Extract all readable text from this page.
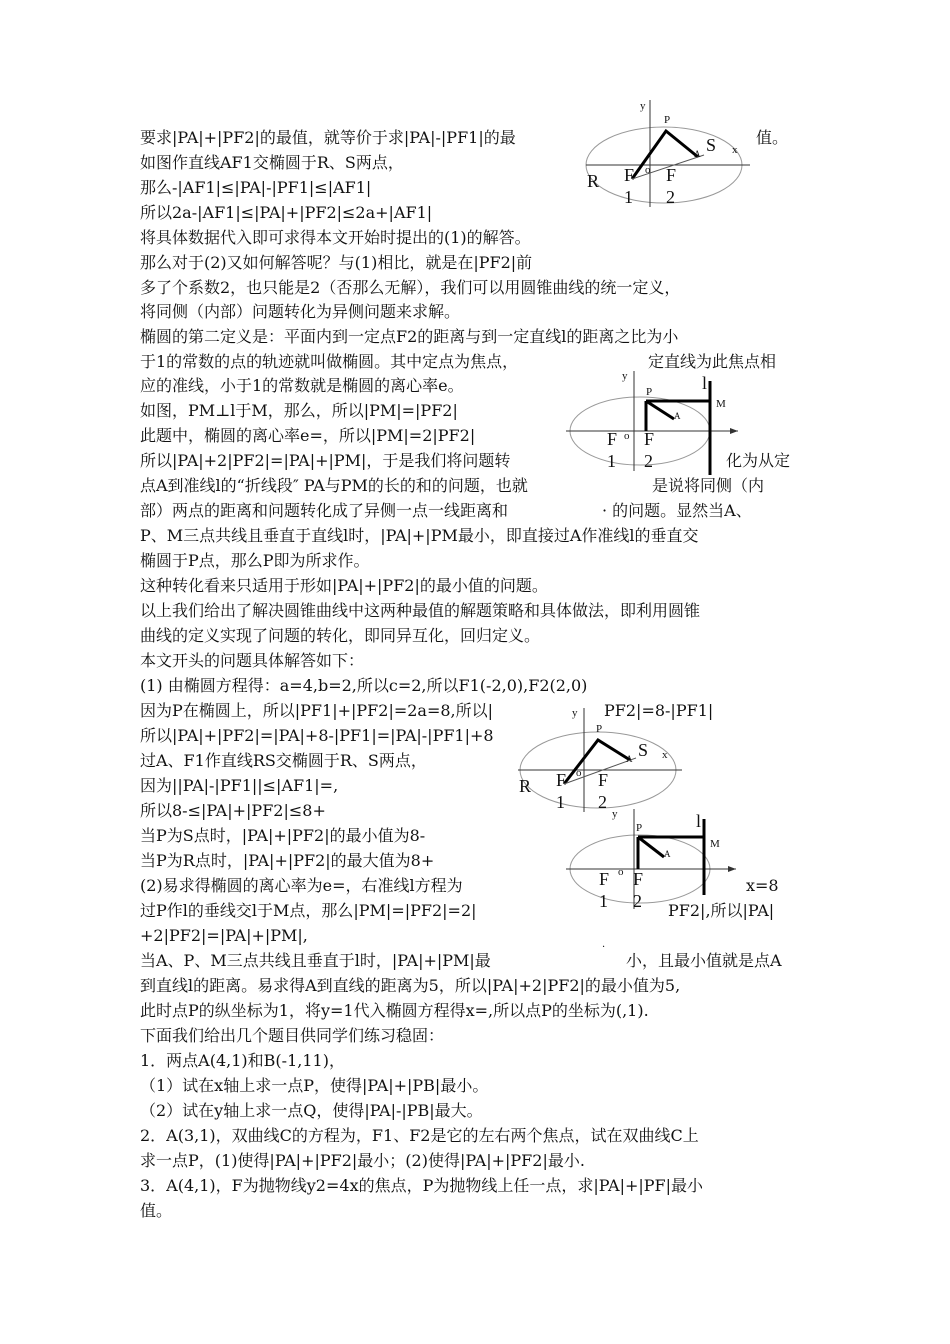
要求|PA|+|PF2|的最值，就等价于求|PA|-|PF1|的最
如图作直线AF1交椭圆于R、S两点，
那么-|AF1|≤|PA|-|PF1|≤|AF1|
所以2a-|AF1|≤|PA|+|PF2|≤2a+|AF1|
将具体数据代入即可求得本文开始时提出的(1)的解答。
那么对于(2)又如何解答呢？与(1)相比，就是在|PF2|前
多了个系数2，也只能是2（否那么无解），我们可以用圆锥曲线的统一定义，
将同侧（内部）问题转化为异侧问题来求解。
椭圆的第二定义是：平面内到一定点F2的距离与到一定直线l的距离之比为小
于1的常数的点的轨迹就叫做椭圆。其中定点为焦点，
应的准线，小于1的常数就是椭圆的离心率e。
如图，PM⊥l于M，那么，所以|PM|=|PF2|
此题中，椭圆的离心率e=，所以|PM|=2|PF2|
所以|PA|+2|PF2|=|PA|+|PM|，于是我们将问题转
点A到准线l的“折线段″ PA与PM的长的和的问题，也就
部）两点的距离和问题转化成了异侧一点一线距离和
P、M三点共线且垂直于直线l时，|PA|+|PM最小，即直接过A作准线l的垂直交
椭圆于P点，那么P即为所求作。
这种转化看来只适用于形如|PA|+|PF2|的最小值的问题。
以上我们给出了解决圆锥曲线中这两种最值的解题策略和具体做法，即利用圆锥
曲线的定义实现了问题的转化，即同异互化，回归定义。
本文开头的问题具体解答如下：
(1) 由椭圆方程得：a=4,b=2,所以c=2,所以F1(-2,0),F2(2,0)
因为P在椭圆上，所以|PF1|+|PF2|=2a=8,所以|
所以|PA|+|PF2|=|PA|+8-|PF1|=|PA|-|PF1|+8
过A、F1作直线RS交椭圆于R、S两点，
因为||PA|-|PF1||≤|AF1|=,
所以8-≤|PA|+|PF2|≤8+
当P为S点时，|PA|+|PF2|的最小值为8-
当P为R点时，|PA|+|PF2|的最大值为8+
(2)易求得椭圆的离心率为e=，右准线l方程为
过P作l的垂线交l于M点，那么|PM|=|PF2|=2|
+2|PF2|=|PA|+|PM|,
当A、P、M三点共线且垂直于l时，|PA|+|PM|最
到直线l的距离。易求得A到直线的距离为5，所以|PA|+2|PF2|的最小值为5,
此时点P的纵坐标为1，将y=1代入椭圆方程得x=,所以点P的坐标为(,1).
下面我们给出几个题目供同学们练习稳固：
1．两点A(4,1)和B(-1,11)，
（1）试在x轴上求一点P，使得|PA|+|PB|最小。
（2）试在y轴上求一点Q，使得|PA|-|PB|最大。
2．A(3,1)，双曲线C的方程为，F1、F2是它的左右两个焦点，试在双曲线C上
求一点P，(1)使得|PA|+|PF2|最小；(2)使得|PA|+|PF2|最小.
3．A(4,1)，F为抛物线y2=4x的焦点，P为抛物线上任一点，求|PA|+|PF|最小
值。
值。
定直线为此焦点相
化为从定
是说将同侧（内
· 的问题。显然当A、
PF2|=8-|PF1|
x=8
PF2|,所以|PA|
小，且最小值就是点A
·
y
P
S x
A
o
R F
1
F
2
y
P	l
M
A
o
F
1
F
2
y
P
S x
A
o
R F
1
F
2
y
P	l
M
A
o
F
1
F
2
